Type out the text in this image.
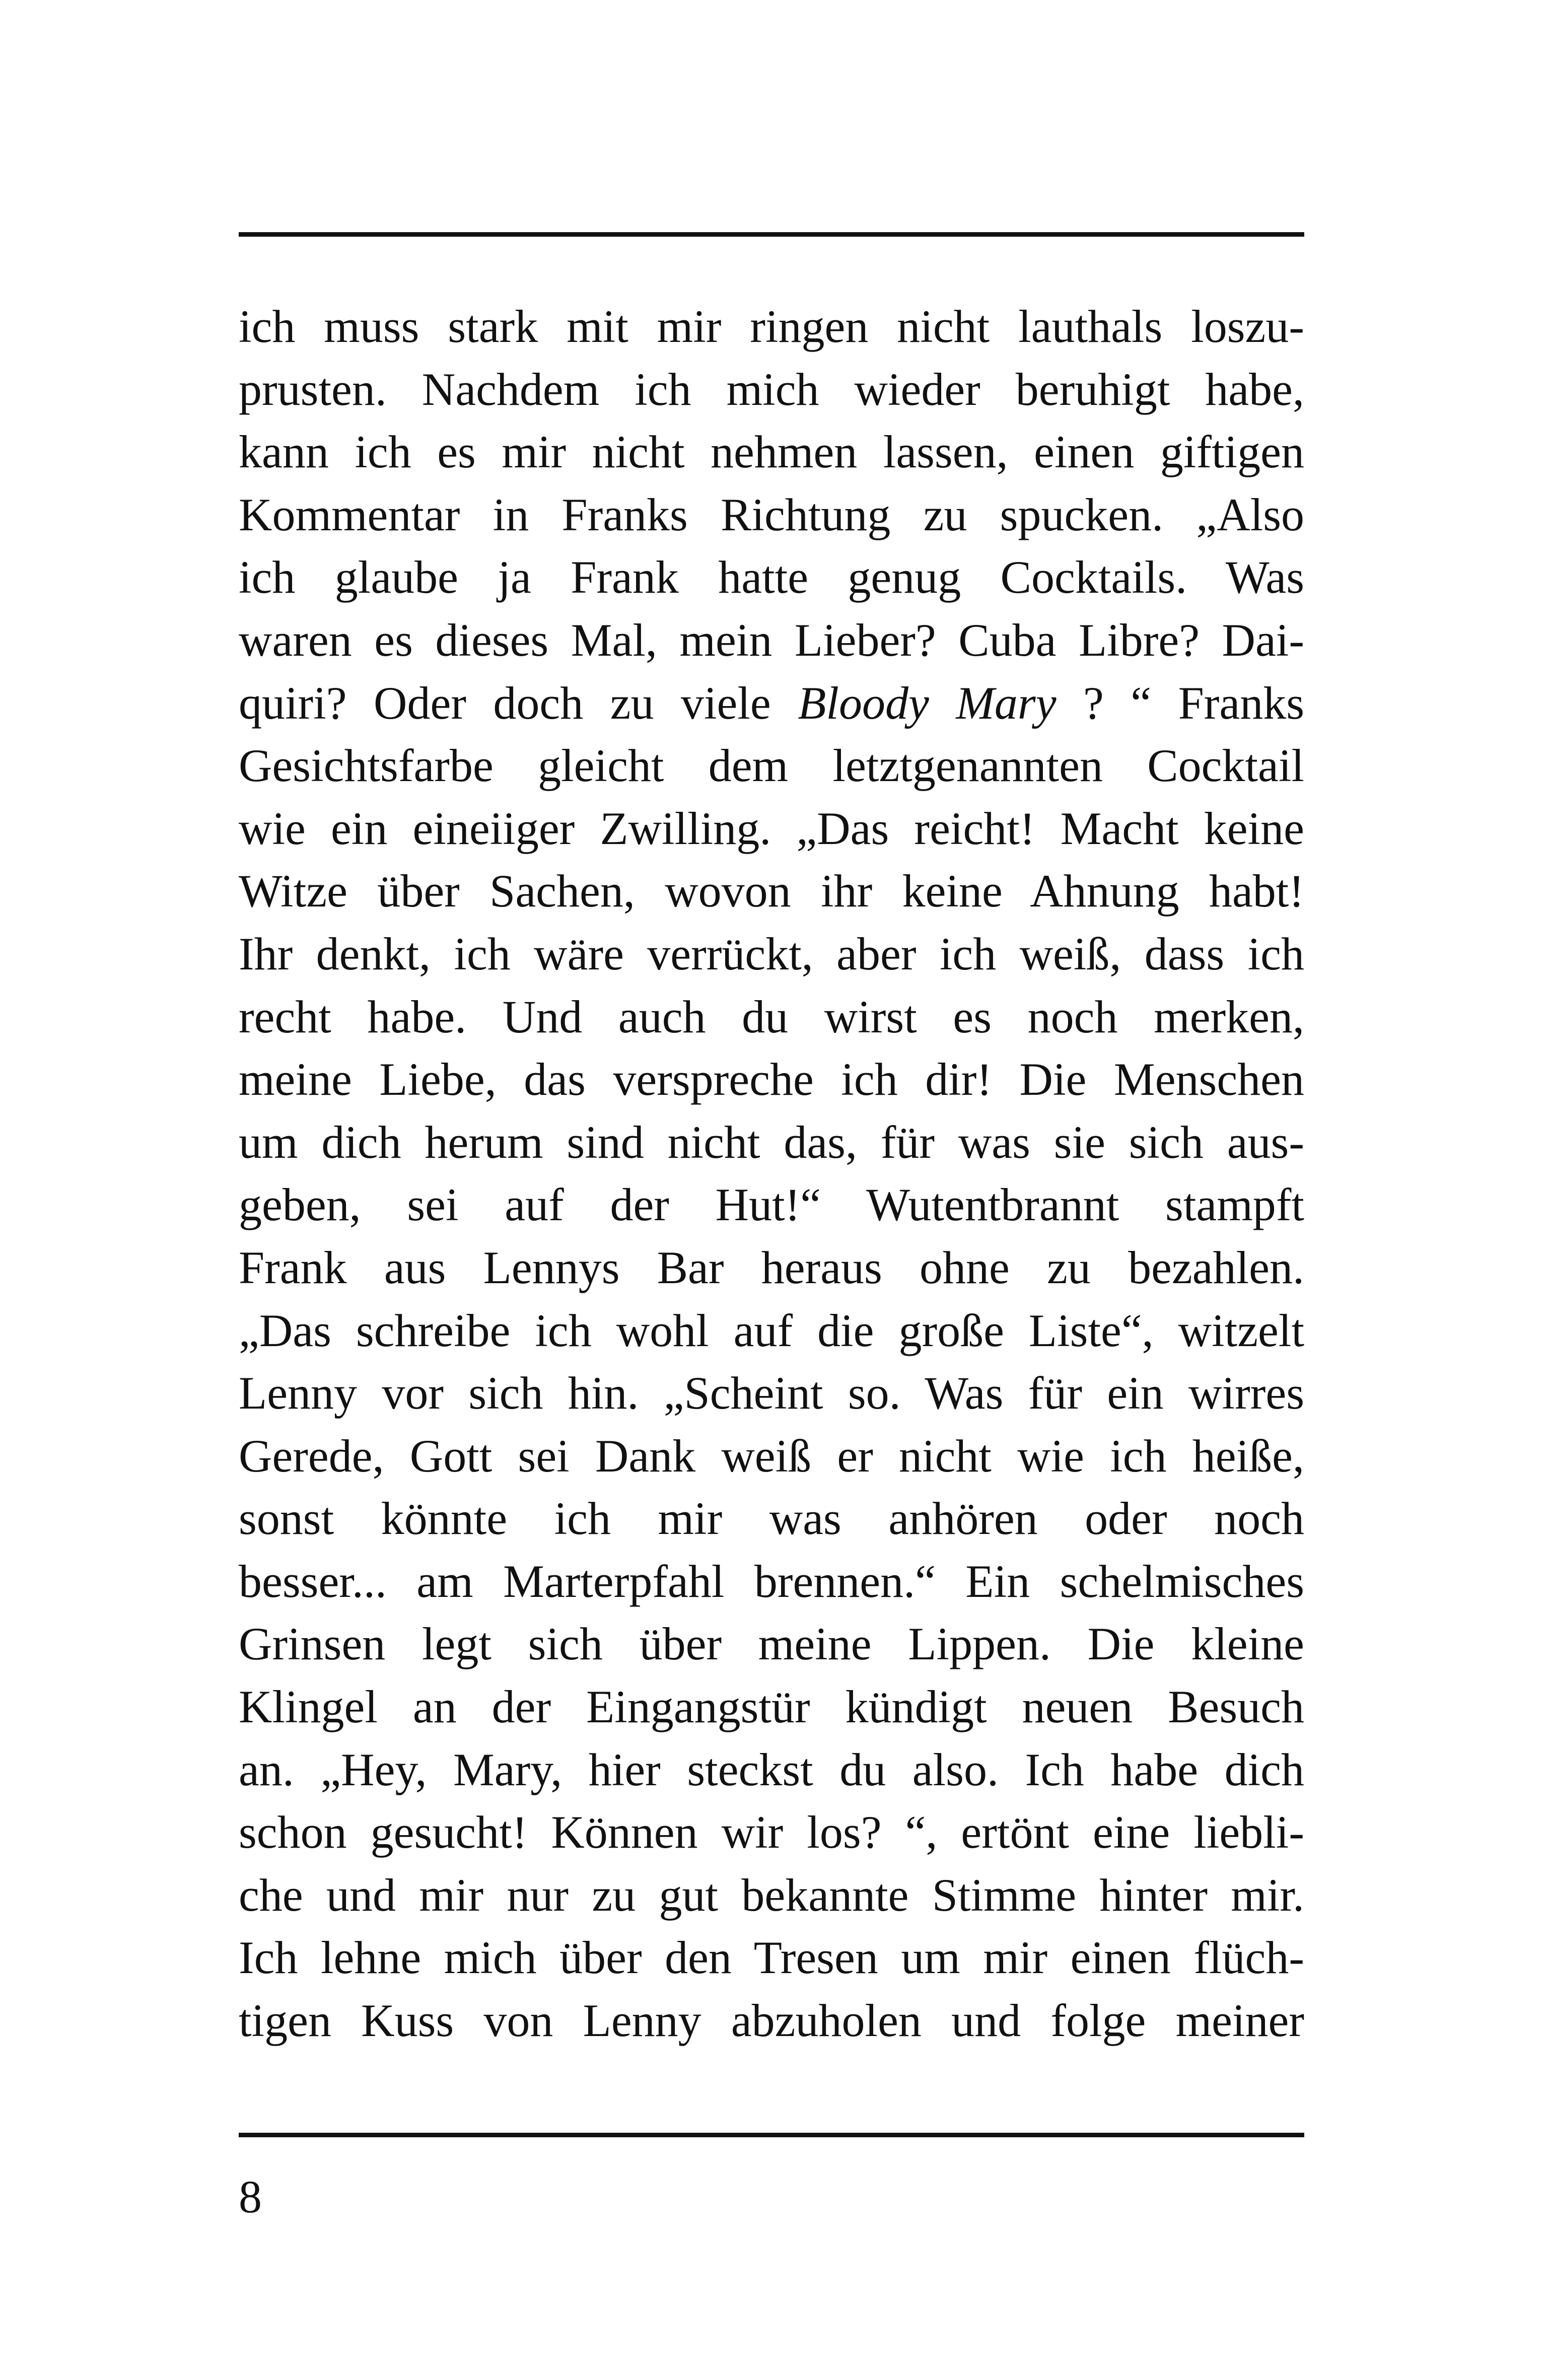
ich muss stark mit mir ringen nicht lauthals loszu-
prusten. Nachdem ich mich wieder beruhigt habe,
kann ich es mir nicht nehmen lassen, einen giftigen
Kommentar in Franks Richtung zu spucken. „Also
ich glaube ja Frank hatte genug Cocktails. Was
waren es dieses Mal, mein Lieber? Cuba Libre? Dai-
quiri? Oder doch zu viele Bloody Mary ? “ Franks
Gesichtsfarbe gleicht dem letztgenannten Cocktail
wie ein eineiiger Zwilling. „Das reicht! Macht keine
Witze über Sachen, wovon ihr keine Ahnung habt!
Ihr denkt, ich wäre verrückt, aber ich weiß, dass ich
recht habe. Und auch du wirst es noch merken,
meine Liebe, das verspreche ich dir! Die Menschen
um dich herum sind nicht das, für was sie sich aus-
geben, sei auf der Hut!“ Wutentbrannt stampft
Frank aus Lennys Bar heraus ohne zu bezahlen.
„Das schreibe ich wohl auf die große Liste“, witzelt
Lenny vor sich hin. „Scheint so. Was für ein wirres
Gerede, Gott sei Dank weiß er nicht wie ich heiße,
sonst könnte ich mir was anhören oder noch
besser... am Marterpfahl brennen.“ Ein schelmisches
Grinsen legt sich über meine Lippen. Die kleine
Klingel an der Eingangstür kündigt neuen Besuch
an. „Hey, Mary, hier steckst du also. Ich habe dich
schon gesucht! Können wir los? “, ertönt eine liebli-
che und mir nur zu gut bekannte Stimme hinter mir.
Ich lehne mich über den Tresen um mir einen flüch-
tigen Kuss von Lenny abzuholen und folge meiner
8
